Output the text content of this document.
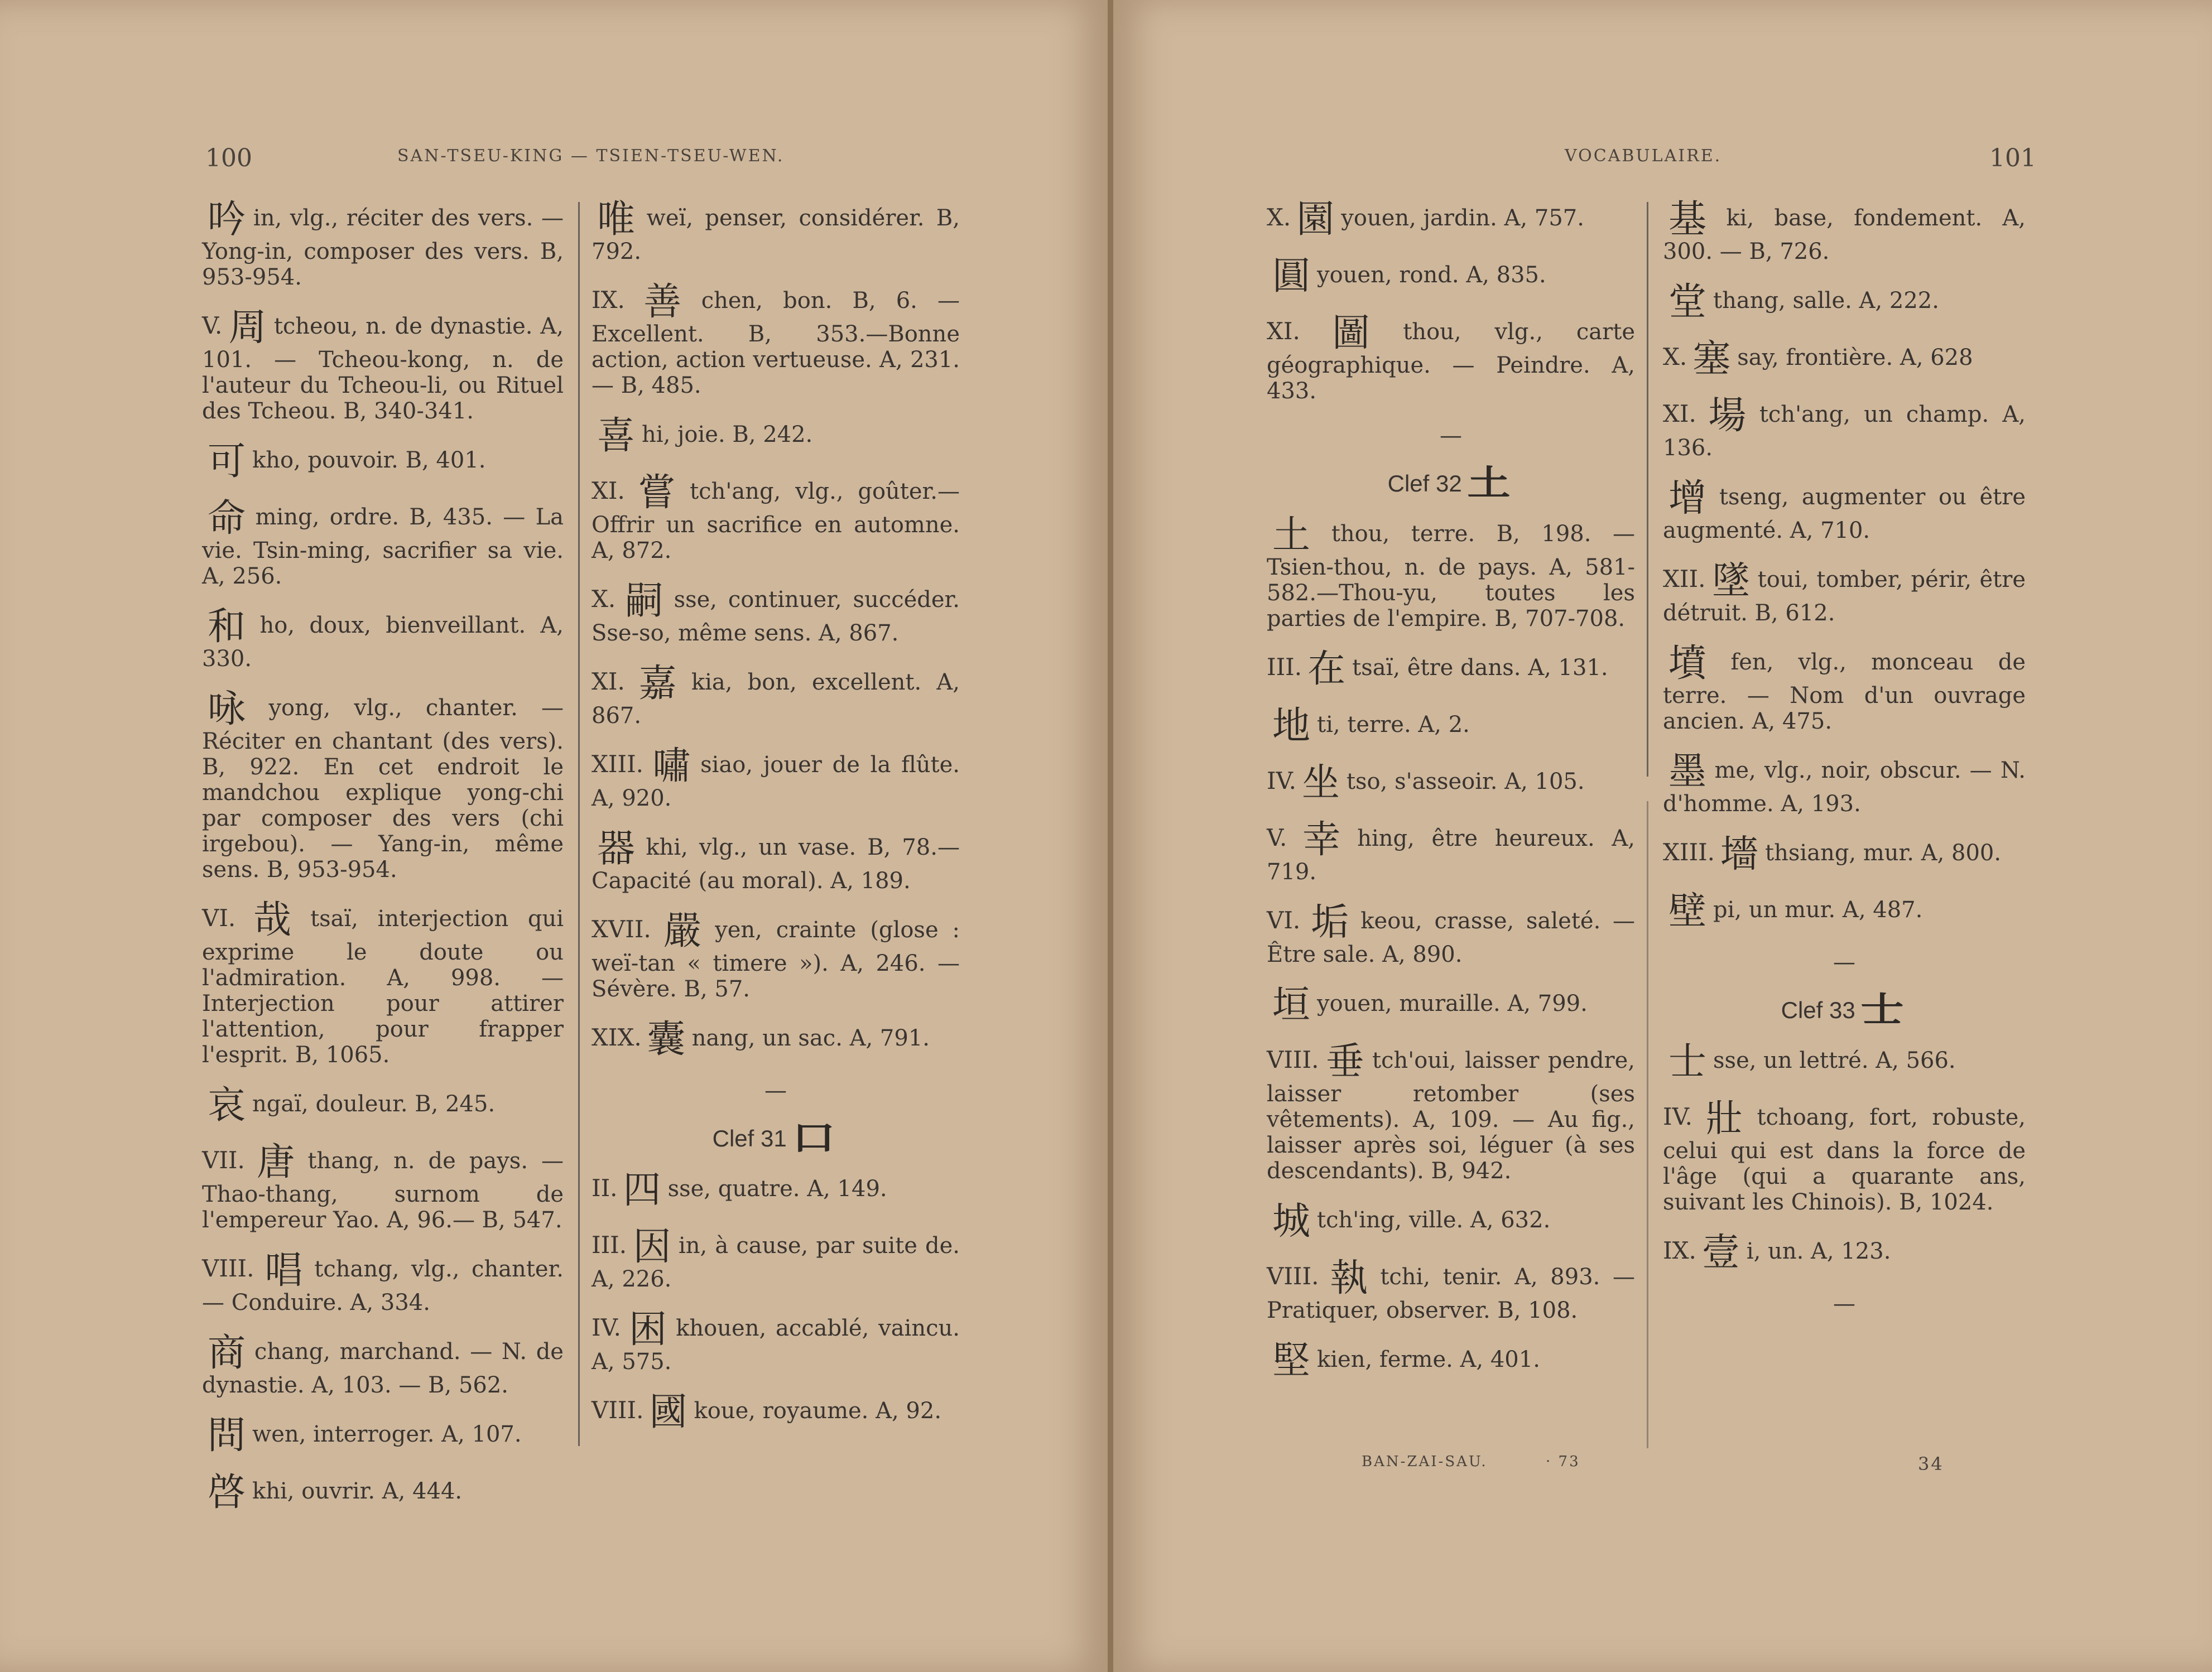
100	SAN-TSEU-KING — TSIEN-TSEU-WEN.
吟in, vlg., réciter des vers. — Yong-in, composer des vers. B, 953-954.
V. 周 tcheou, n. de dynastie. A, 101. — Tcheou-kong, n. de l'auteur du Tcheou-li, ou Rituel des Tcheou. B, 340-341.
可kho, pouvoir. B, 401.
命ming, ordre. B, 435. — La vie. Tsin-ming, sacrifier sa vie. A, 256.
和ho, doux, bienveillant. A, 330.
咏yong, vlg., chanter. — Réciter en chantant (des vers). B, 922. En cet endroit le mandchou explique yong-chi par composer des vers (chi irgebou). — Yang-in, même sens. B, 953-954.
VI. 哉 tsaï, interjection qui exprime le doute ou l'admiration. A, 998. — Interjection pour attirer l'attention, pour frapper l'esprit. B, 1065.
哀ngaï, douleur. B, 245.
VII. 唐 thang, n. de pays. — Thao-thang, surnom de l'empereur Yao. A, 96.— B, 547.
VIII. 唱 tchang, vlg., chanter. — Conduire. A, 334.
商chang, marchand. — N. de dynastie. A, 103. — B, 562.
問wen, interroger. A, 107.
啓khi, ouvrir. A, 444.
唯weï, penser, considérer. B, 792.
IX. 善 chen, bon. B, 6. — Excellent. B, 353.—Bonne action, action vertueuse. A, 231. — B, 485.
喜hi, joie. B, 242.
XI. 嘗 tch'ang, vlg., goûter.— Offrir un sacrifice en automne. A, 872.
X. 嗣 sse, continuer, succéder. Sse-so, même sens. A, 867.
XI. 嘉 kia, bon, excellent. A, 867.
XIII. 嘯 siao, jouer de la flûte. A, 920.
器khi, vlg., un vase. B, 78.— Capacité (au moral). A, 189.
XVII. 嚴 yen, crainte (glose : weï-tan « timere »). A, 246. — Sévère. B, 57.
XIX. 囊 nang, un sac. A, 791.
—
Clef 31 口
II. 四 sse, quatre. A, 149.
III. 因 in, à cause, par suite de. A, 226.
IV. 困 khouen, accablé, vaincu. A, 575.
VIII. 國 koue, royaume. A, 92.
VOCABULAIRE.	101
X. 園 youen, jardin. A, 757.
圓youen, rond. A, 835.
XI. 圖 thou, vlg., carte géographique. — Peindre. A, 433.
—
Clef 32 土
土thou, terre. B, 198. — Tsien-thou, n. de pays. A, 581-582.—Thou-yu, toutes les parties de l'empire. B, 707-708.
III. 在 tsaï, être dans. A, 131.
地ti, terre. A, 2.
IV. 坐 tso, s'asseoir. A, 105.
V. 幸 hing, être heureux. A, 719.
VI. 垢 keou, crasse, saleté. — Être sale. A, 890.
垣youen, muraille. A, 799.
VIII. 垂 tch'oui, laisser pendre, laisser retomber (ses vêtements). A, 109. — Au fig., laisser après soi, léguer (à ses descendants). B, 942.
城tch'ing, ville. A, 632.
VIII. 執 tchi, tenir. A, 893. — Pratiquer, observer. B, 108.
堅kien, ferme. A, 401.
基ki, base, fondement. A, 300. — B, 726.
堂thang, salle. A, 222.
X. 塞 say, frontière. A, 628
XI. 場 tch'ang, un champ. A, 136.
增tseng, augmenter ou être augmenté. A, 710.
XII. 墜 toui, tomber, périr, être détruit. B, 612.
墳fen, vlg., monceau de terre. — Nom d'un ouvrage ancien. A, 475.
墨me, vlg., noir, obscur. — N. d'homme. A, 193.
XIII. 墻 thsiang, mur. A, 800.
壁pi, un mur. A, 487.
—
Clef 33 士
士sse, un lettré. A, 566.
IV. 壯 tchoang, fort, robuste, celui qui est dans la force de l'âge (qui a quarante ans, suivant les Chinois). B, 1024.
IX. 壹 i, un. A, 123.
—
BAN-ZAI-SAU.	· 73	34
